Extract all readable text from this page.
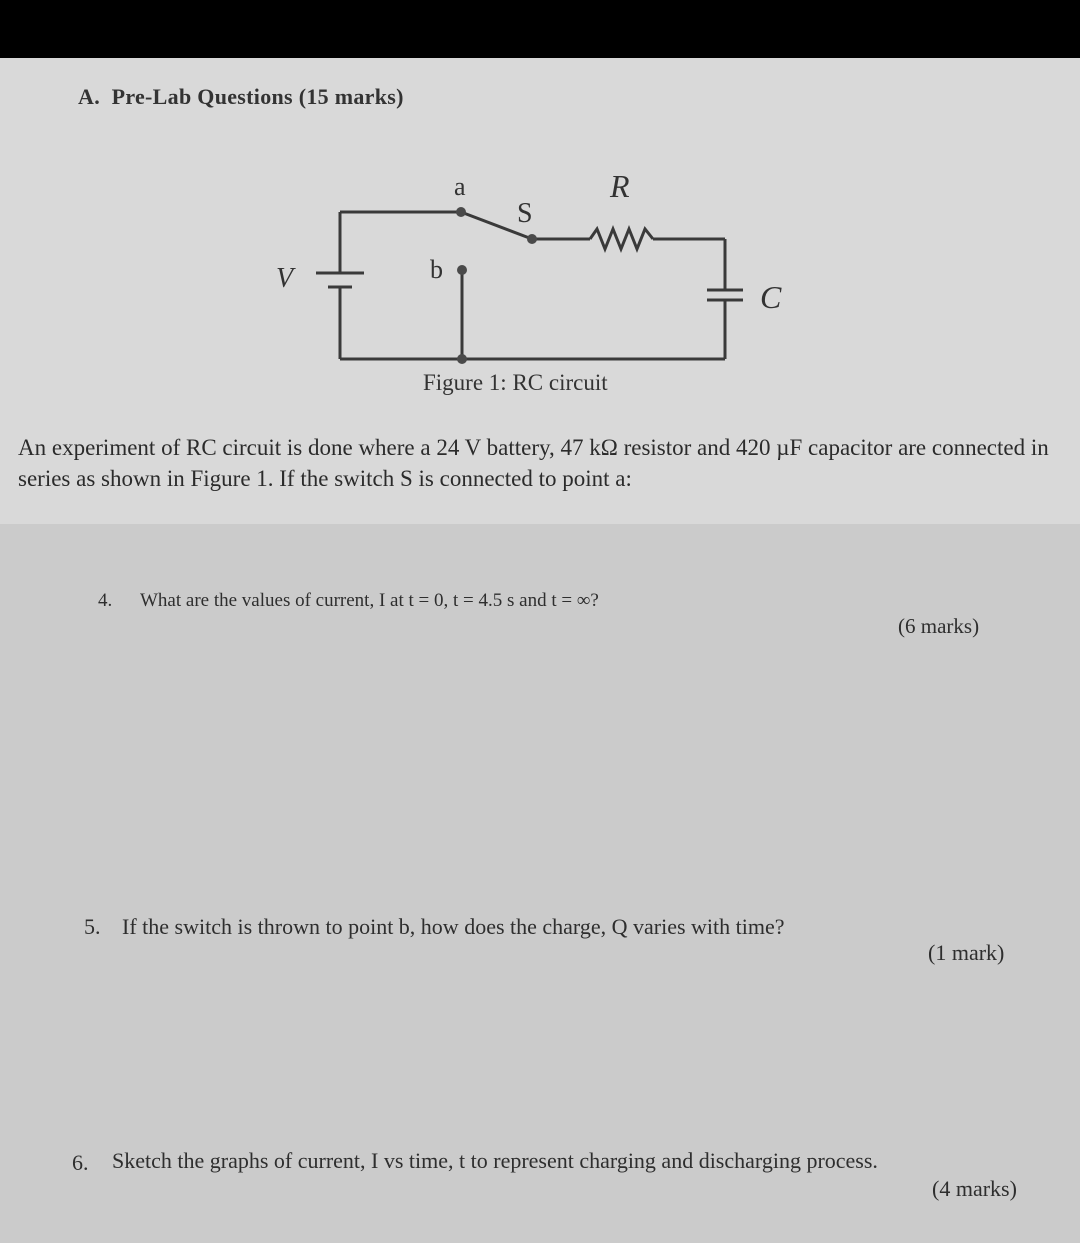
A.  Pre-Lab Questions (15 marks)
a
S
R
b
V
C
Figure 1: RC circuit
An experiment of RC circuit is done where a 24 V battery, 47 kΩ resistor and 420 µF capacitor are connected in series as shown in Figure 1. If the switch S is connected to point a:
4. What are the values of current, I at t = 0, t = 4.5 s and t = ∞?
(6 marks)
5. If the switch is thrown to point b, how does the charge, Q varies with time?
(1 mark)
6. Sketch the graphs of current, I vs time, t to represent charging and discharging process.
(4 marks)
